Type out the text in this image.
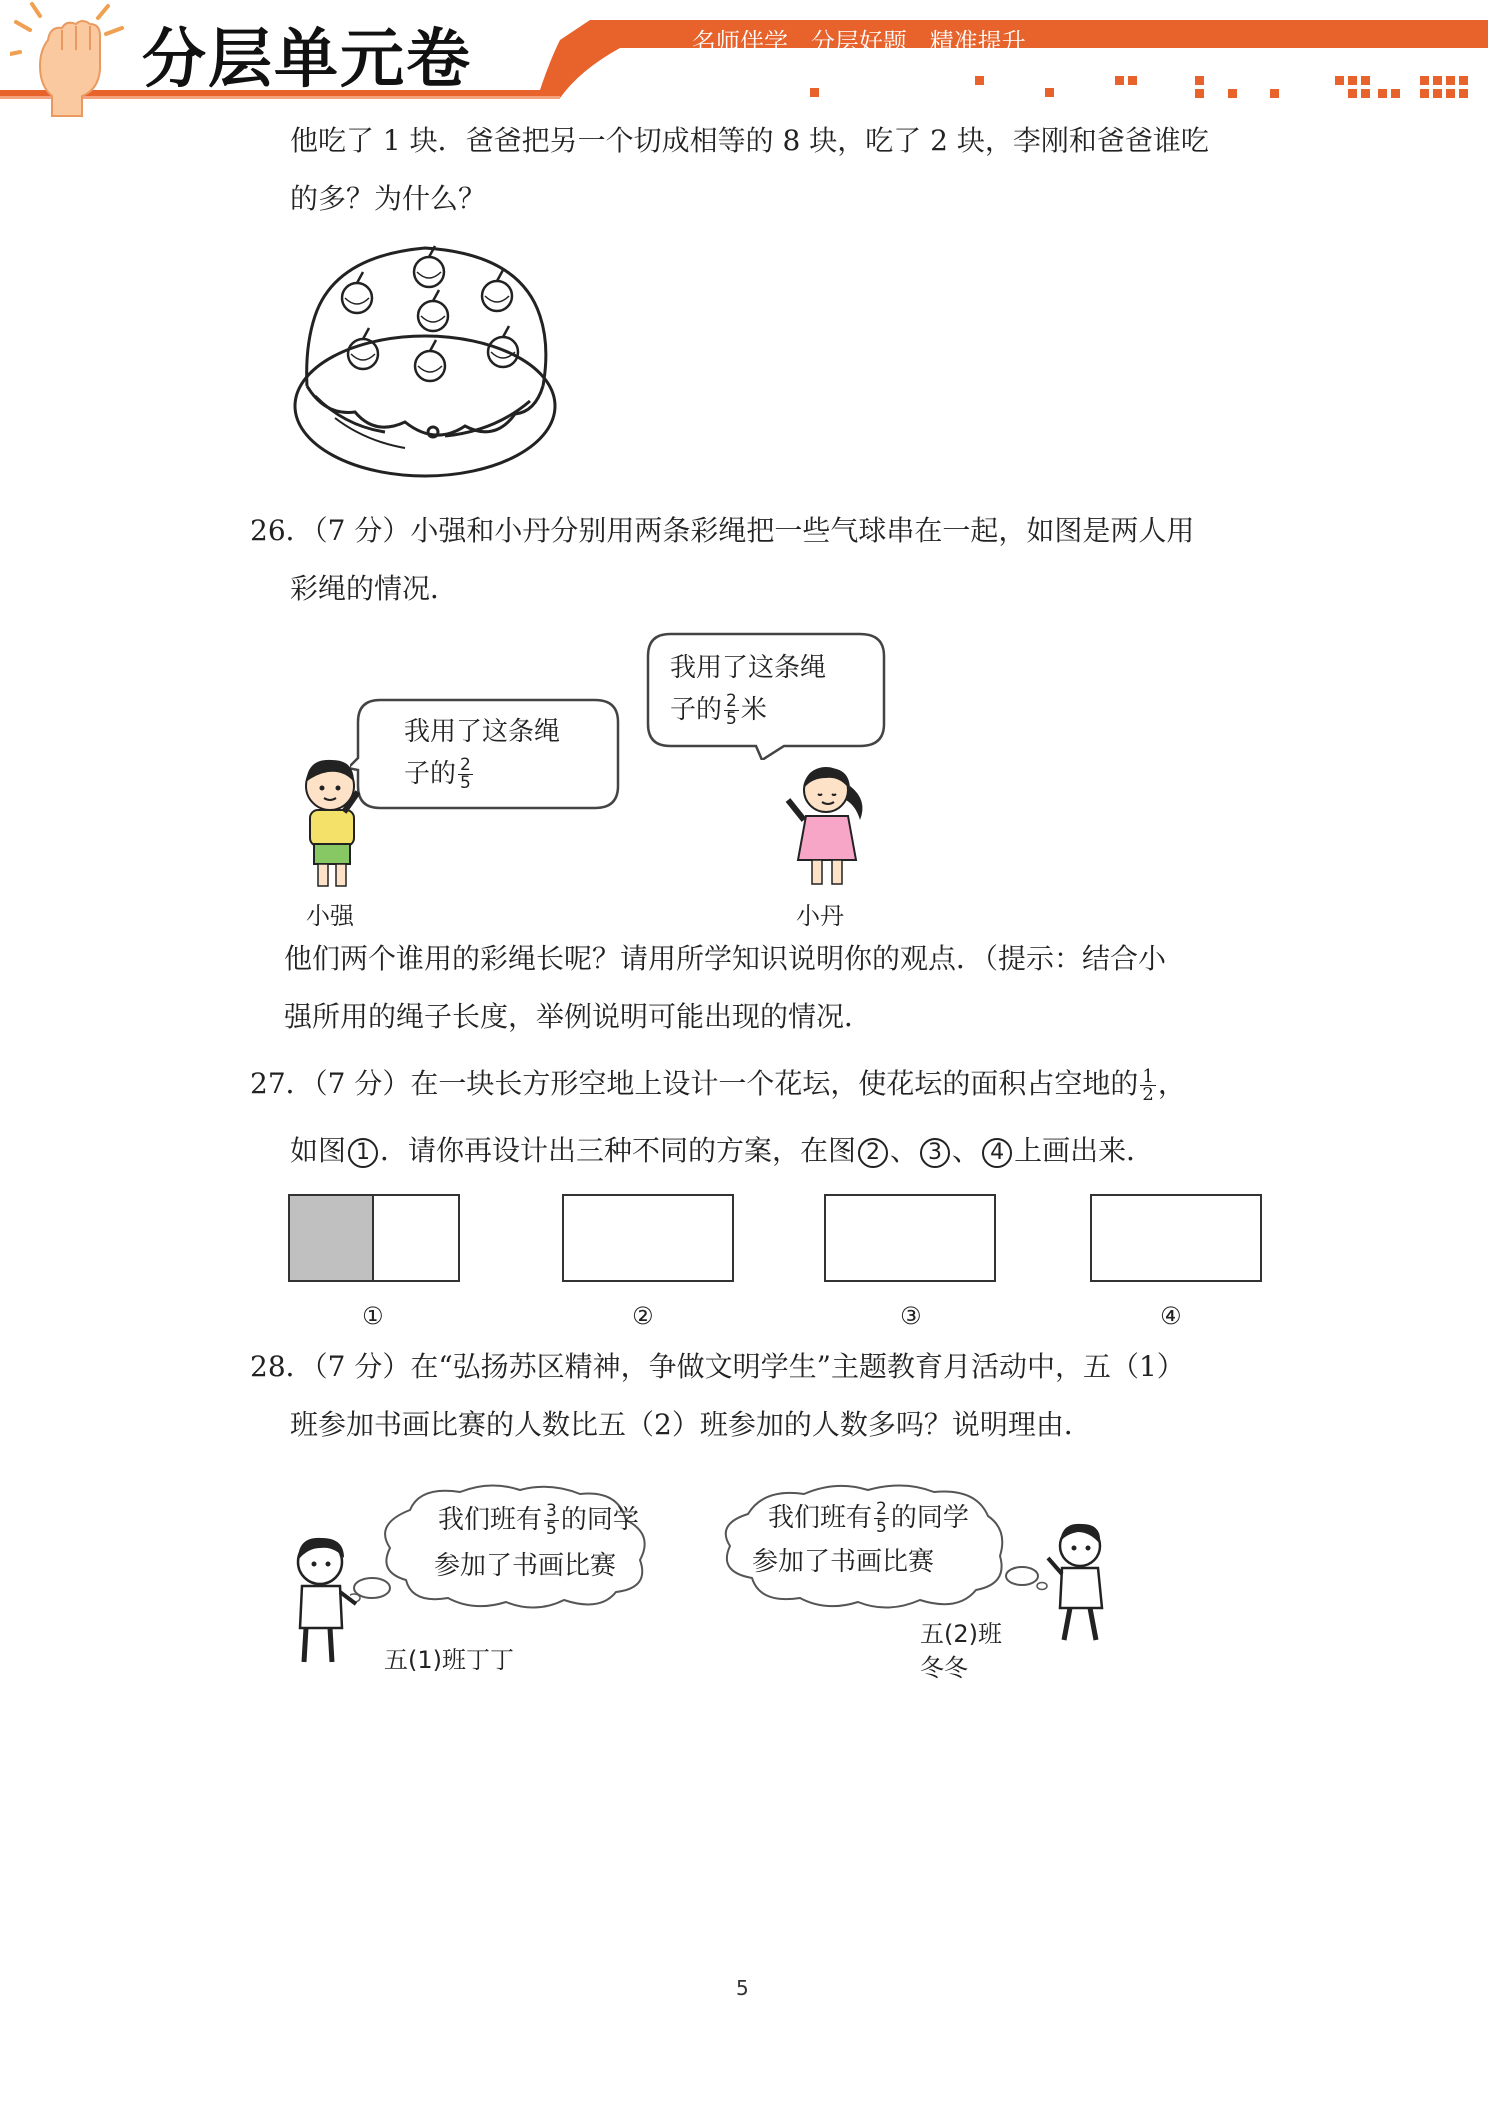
分层单元卷	名师伴学   分层好题   精准提升
他吃了 1 块．爸爸把另一个切成相等的 8 块，吃了 2 块，李刚和爸爸谁吃
的多？为什么？
26．（7 分）小强和小丹分别用两条彩绳把一些气球串在一起，如图是两人用
彩绳的情况．
我用了这条绳
子的 $\frac{2}{5}$
我用了这条绳
子的 $\frac{2}{5}$ 米
小强	小丹
他们两个谁用的彩绳长呢？请用所学知识说明你的观点．（提示：结合小
强所用的绳子长度，举例说明可能出现的情况．
27．（7 分）在一块长方形空地上设计一个花坛，使花坛的面积占空地的 $\frac{1}{2}$ ，
如图 1 ．请你再设计出三种不同的方案，在图 2 、 3 、 4 上画出来．
①	②	③	④
28．（7 分）在“弘扬苏区精神，争做文明学生”主题教育月活动中，五（1）
班参加书画比赛的人数比五（2）班参加的人数多吗？说明理由．
我们班有 $\frac{3}{5}$ 的同学
参加了书画比赛
我们班有 $\frac{2}{5}$ 的同学
参加了书画比赛
五(1)班丁丁
五(2)班
冬冬
5
